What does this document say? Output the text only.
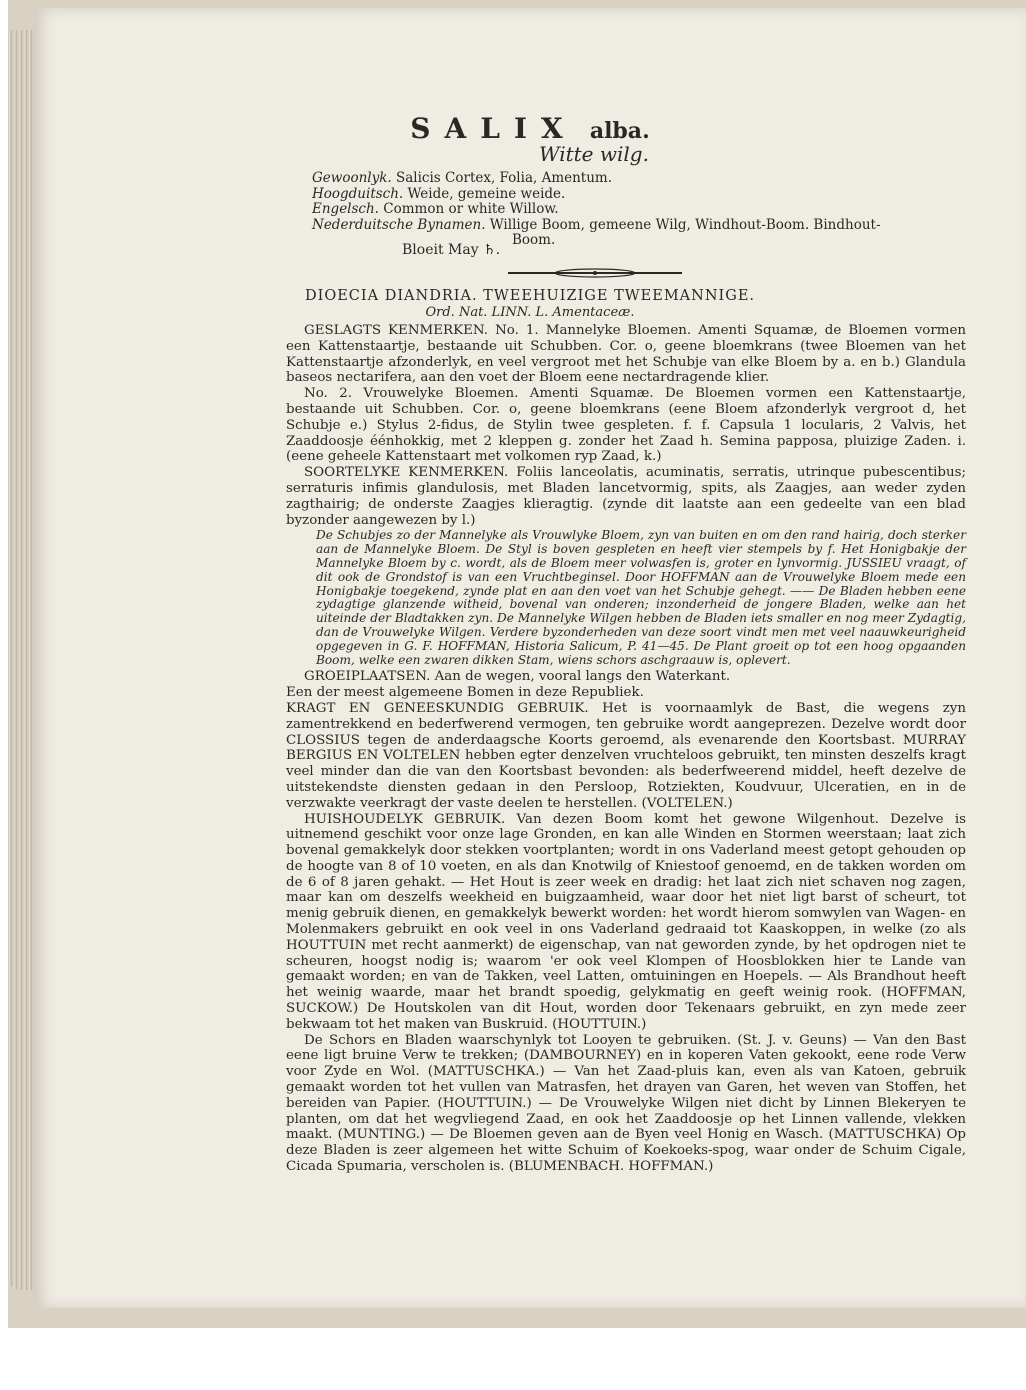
SALIX alba.
Witte wilg.
Gewoonlyk. Salicis Cortex, Folia, Amentum.
Hoogduitsch. Weide, gemeine weide.
Engelsch. Common or white Willow.
Nederduitsche Bynamen. Willige Boom, gemeene Wilg, Windhout-Boom. Bindhout-
Boom.
Bloeit May ♄.
DIOECIA DIANDRIA. TWEEHUIZIGE TWEEMANNIGE.
Ord. Nat. LINN. L. Amentaceæ.

GESLAGTS KENMERKEN. No. 1. Mannelyke Bloemen. Amenti Squamæ, de Bloemen vormen een Kattenstaartje, bestaande uit Schubben. Cor. o, geene bloemkrans (twee Bloemen van het Kattenstaartje afzonderlyk, en veel vergroot met het Schubje van elke Bloem by a. en b.) Glandula baseos nectarifera, aan den voet der Bloem eene nectardragende klier.

No. 2. Vrouwelyke Bloemen. Amenti Squamæ. De Bloemen vormen een Kattenstaartje, bestaande uit Schubben. Cor. o, geene bloemkrans (eene Bloem afzonderlyk vergroot d, het Schubje e.) Stylus 2-fidus, de Stylin twee gespleten. f. f. Capsula 1 locularis, 2 Valvis, het Zaaddoosje éénhokkig, met 2 kleppen g. zonder het Zaad h. Semina papposa, pluizige Zaden. i. (eene geheele Kattenstaart met volkomen ryp Zaad, k.)

SOORTELYKE KENMERKEN. Foliis lanceolatis, acuminatis, serratis, utrinque pubescentibus; serraturis infimis glandulosis, met Bladen lancetvormig, spits, als Zaagjes, aan weder zyden zagthairig; de onderste Zaagjes klieragtig. (zynde dit laatste aan een gedeelte van een blad byzonder aangewezen by l.)

De Schubjes zo der Mannelyke als Vrouwlyke Bloem, zyn van buiten en om den rand hairig, doch sterker aan de Mannelyke Bloem. De Styl is boven gespleten en heeft vier stempels by f. Het Honigbakje der Mannelyke Bloem by c. wordt, als de Bloem meer volwasfen is, groter en lynvormig. JUSSIEU vraagt, of dit ook de Grondstof is van een Vruchtbeginsel. Door HOFFMAN aan de Vrouwelyke Bloem mede een Honigbakje toegekend, zynde plat en aan den voet van het Schubje gehegt. —— De Bladen hebben eene zydagtige glanzende witheid, bovenal van onderen; inzonderheid de jongere Bladen, welke aan het uiteinde der Bladtakken zyn. De Mannelyke Wilgen hebben de Bladen iets smaller en nog meer Zydagtig, dan de Vrouwelyke Wilgen. Verdere byzonderheden van deze soort vindt men met veel naauwkeurigheid opgegeven in G. F. HOFFMAN, Historia Salicum, P. 41—45. De Plant groeit op tot een hoog opgaanden Boom, welke een zwaren dikken Stam, wiens schors aschgraauw is, oplevert.

GROEIPLAATSEN. Aan de wegen, vooral langs den Waterkant.

Een der meest algemeene Bomen in deze Republiek.

KRAGT EN GENEESKUNDIG GEBRUIK. Het is voornaamlyk de Bast, die wegens zyn zamentrekkend en bederfwerend vermogen, ten gebruike wordt aangeprezen. Dezelve wordt door CLOSSIUS tegen de anderdaagsche Koorts geroemd, als evenarende den Koortsbast. MURRAY BERGIUS EN VOLTELEN hebben egter denzelven vruchteloos gebruikt, ten minsten deszelfs kragt veel minder dan die van den Koortsbast bevonden: als bederfweerend middel, heeft dezelve de uitstekendste diensten gedaan in den Persloop, Rotziekten, Koudvuur, Ulceratien, en in de verzwakte veerkragt der vaste deelen te herstellen. (VOLTELEN.)

HUISHOUDELYK GEBRUIK. Van dezen Boom komt het gewone Wilgenhout. Dezelve is uitnemend geschikt voor onze lage Gronden, en kan alle Winden en Stormen weerstaan; laat zich bovenal gemakkelyk door stekken voortplanten; wordt in ons Vaderland meest getopt gehouden op de hoogte van 8 of 10 voeten, en als dan Knotwilg of Kniestoof genoemd, en de takken worden om de 6 of 8 jaren gehakt. — Het Hout is zeer week en dradig: het laat zich niet schaven nog zagen, maar kan om deszelfs weekheid en buigzaamheid, waar door het niet ligt barst of scheurt, tot menig gebruik dienen, en gemakkelyk bewerkt worden: het wordt hierom somwylen van Wagen- en Molenmakers gebruikt en ook veel in ons Vaderland gedraaid tot Kaaskoppen, in welke (zo als HOUTTUIN met recht aanmerkt) de eigenschap, van nat geworden zynde, by het opdrogen niet te scheuren, hoogst nodig is; waarom 'er ook veel Klompen of Hoosblokken hier te Lande van gemaakt worden; en van de Takken, veel Latten, omtuiningen en Hoepels. — Als Brandhout heeft het weinig waarde, maar het brandt spoedig, gelykmatig en geeft weinig rook. (HOFFMAN, SUCKOW.) De Houtskolen van dit Hout, worden door Tekenaars gebruikt, en zyn mede zeer bekwaam tot het maken van Buskruid. (HOUTTUIN.)

De Schors en Bladen waarschynlyk tot Looyen te gebruiken. (St. J. v. Geuns) — Van den Bast eene ligt bruine Verw te trekken; (DAMBOURNEY) en in koperen Vaten gekookt, eene rode Verw voor Zyde en Wol. (MATTUSCHKA.) — Van het Zaad-pluis kan, even als van Katoen, gebruik gemaakt worden tot het vullen van Matrasfen, het drayen van Garen, het weven van Stoffen, het bereiden van Papier. (HOUTTUIN.) — De Vrouwelyke Wilgen niet dicht by Linnen Blekeryen te planten, om dat het wegvliegend Zaad, en ook het Zaaddoosje op het Linnen vallende, vlekken maakt. (MUNTING.) — De Bloemen geven aan de Byen veel Honig en Wasch. (MATTUSCHKA) Op deze Bladen is zeer algemeen het witte Schuim of Koekoeks-spog, waar onder de Schuim Cigale, Cicada Spumaria, verscholen is. (BLUMENBACH. HOFFMAN.)
